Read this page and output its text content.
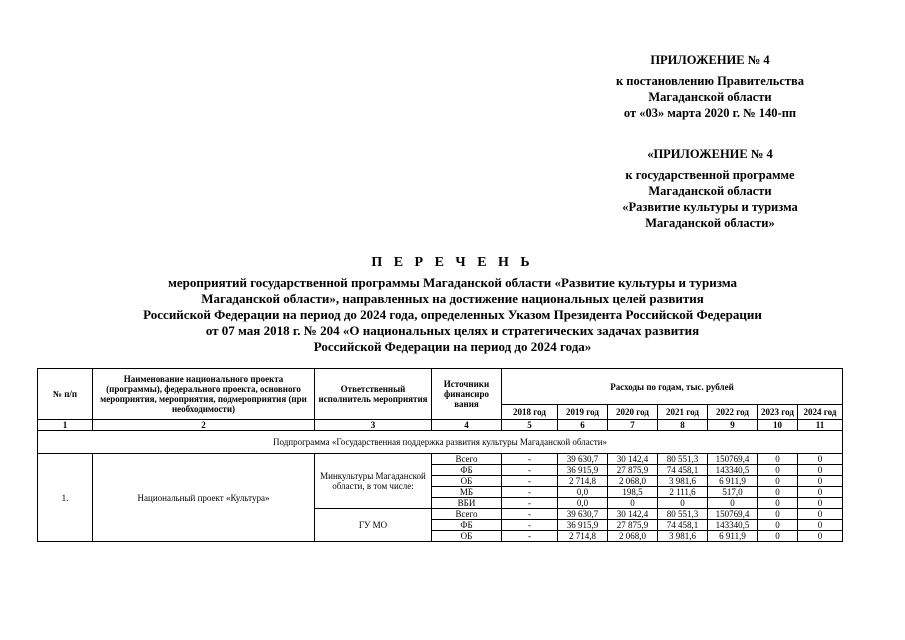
ПРИЛОЖЕНИЕ № 4
к постановлению Правительства
Магаданской области
от «03» марта 2020 г. № 140-пп
«ПРИЛОЖЕНИЕ № 4
к государственной программе
Магаданской области
«Развитие культуры и туризма
Магаданской области»
П Е Р Е Ч Е Н Ь
мероприятий государственной программы Магаданской области «Развитие культуры и туризма
Магаданской области», направленных на достижение национальных целей развития
Российской Федерации на период до 2024 года, определенных Указом Президента Российской Федерации
от 07 мая 2018 г. № 204 «О национальных целях и стратегических задачах развития
Российской Федерации на период до 2024 года»
№ п/п	Наименование национального проекта (программы), федерального проекта, основного мероприятия, мероприятия, подмероприятия (при необходимости)	Ответственный исполнитель мероприятия	Источники финансиро вания	Расходы по годам, тыс. рублей						
				2018 год	2019 год	2020 год	2021 год	2022 год	2023 год	2024 год
1	2	3	4	5	6	7	8	9	10	11
Подпрограмма «Государственная поддержка развития культуры Магаданской области»										
1.	Национальный проект «Культура»	Минкультуры Магаданской области, в том числе:	Всего	-	39 630,7	30 142,4	80 551,3	150769,4	0	0
			ФБ	-	36 915,9	27 875,9	74 458,1	143340,5	0	0
			ОБ	-	2 714,8	2 068,0	3 981,6	6 911,9	0	0
			МБ	-	0,0	198,5	2 111,6	517,0	0	0
			ВБИ	-	0,0	0	0	0	0	0
		ГУ МО	Всего	-	39 630,7	30 142,4	80 551,3	150769,4	0	0
			ФБ	-	36 915,9	27 875,9	74 458,1	143340,5	0	0
			ОБ	-	2 714,8	2 068,0	3 981,6	6 911,9	0	0
